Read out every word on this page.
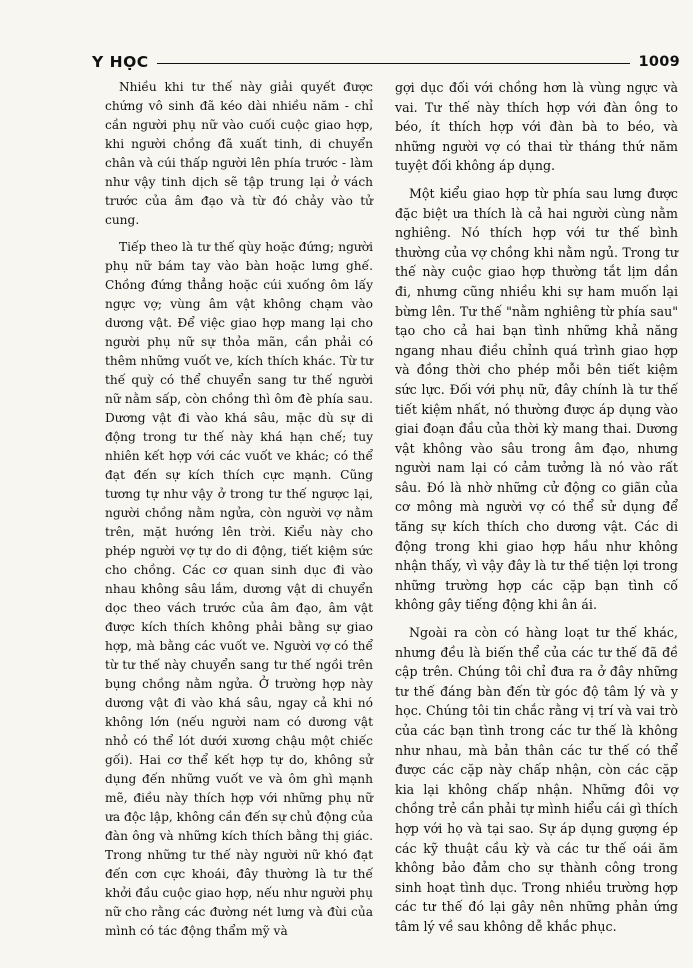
Y HỌC	1009

Nhiều khi tư thế này giải quyết được chứng vô sinh đã kéo dài nhiều năm - chỉ cần người phụ nữ vào cuối cuộc giao hợp, khi người chồng đã xuất tinh, di chuyển chân và cúi thấp người lên phía trước - làm như vậy tinh dịch sẽ tập trung lại ở vách trước của âm đạo và từ đó chảy vào tử cung.

Tiếp theo là tư thế qùy hoặc đứng; người phụ nữ bám tay vào bàn hoặc lưng ghế. Chồng đứng thẳng hoặc cúi xuống ôm lấy ngực vợ; vùng âm vật không chạm vào dương vật. Để việc giao hợp mang lại cho người phụ nữ sự thỏa mãn, cần phải có thêm những vuốt ve, kích thích khác. Từ tư thế quỳ có thể chuyển sang tư thế người nữ nằm sấp, còn chồng thì ôm đè phía sau. Dương vật đi vào khá sâu, mặc dù sự di động trong tư thế này khá hạn chế; tuy nhiên kết hợp với các vuốt ve khác; có thể đạt đến sự kích thích cực mạnh. Cũng tương tự như vậy ở trong tư thế ngược lại, người chồng nằm ngửa, còn người vợ nằm trên, mặt hướng lên trời. Kiểu này cho phép người vợ tự do di động, tiết kiệm sức cho chồng. Các cơ quan sinh dục đi vào nhau không sâu lắm, dương vật di chuyển dọc theo vách trước của âm đạo, âm vật được kích thích không phải bằng sự giao hợp, mà bằng các vuốt ve. Người vợ có thể từ tư thế này chuyển sang tư thế ngồi trên bụng chồng nằm ngửa. Ở trường hợp này dương vật đi vào khá sâu, ngay cả khi nó không lớn (nếu người nam có dương vật nhỏ có thể lót dưới xương chậu một chiếc gối). Hai cơ thể kết hợp tự do, không sử dụng đến những vuốt ve và ôm ghì mạnh mẽ, điều này thích hợp với những phụ nữ ưa độc lập, không cần đến sự chủ động của đàn ông và những kích thích bằng thị giác. Trong những tư thế này người nữ khó đạt đến cơn cực khoái, đây thường là tư thế khởi đầu cuộc giao hợp, nếu như người phụ nữ cho rằng các đường nét lưng và đùi của mình có tác động thẩm mỹ và

gợi dục đối với chồng hơn là vùng ngực và vai. Tư thế này thích hợp với đàn ông to béo, ít thích hợp với đàn bà to béo, và những người vợ có thai từ tháng thứ năm tuyệt đối không áp dụng.

Một kiểu giao hợp từ phía sau lưng được đặc biệt ưa thích là cả hai người cùng nằm nghiêng. Nó thích hợp với tư thế bình thường của vợ chồng khi nằm ngủ. Trong tư thế này cuộc giao hợp thường tắt lịm dần đi, nhưng cũng nhiều khi sự ham muốn lại bừng lên. Tư thế "nằm nghiêng từ phía sau" tạo cho cả hai bạn tình những khả năng ngang nhau điều chỉnh quá trình giao hợp và đồng thời cho phép mỗi bên tiết kiệm sức lực. Đối với phụ nữ, đây chính là tư thế tiết kiệm nhất, nó thường được áp dụng vào giai đoạn đầu của thời kỳ mang thai. Dương vật không vào sâu trong âm đạo, nhưng người nam lại có cảm tưởng là nó vào rất sâu. Đó là nhờ những cử động co giãn của cơ mông mà người vợ có thể sử dụng để tăng sự kích thích cho dương vật. Các di động trong khi giao hợp hầu như không nhận thấy, vì vậy đây là tư thế tiện lợi trong những trường hợp các cặp bạn tình cố không gây tiếng động khi ân ái.

Ngoài ra còn có hàng loạt tư thế khác, nhưng đều là biến thể của các tư thế đã đề cập trên. Chúng tôi chỉ đưa ra ở đây những tư thế đáng bàn đến từ góc độ tâm lý và y học. Chúng tôi tin chắc rằng vị trí và vai trò của các bạn tình trong các tư thế là không như nhau, mà bản thân các tư thế có thể được các cặp này chấp nhận, còn các cặp kia lại không chấp nhận. Những đôi vợ chồng trẻ cần phải tự mình hiểu cái gì thích hợp với họ và tại sao. Sự áp dụng gượng ép các kỹ thuật cầu kỳ và các tư thế oái ăm không bảo đảm cho sự thành công trong sinh hoạt tình dục. Trong nhiều trường hợp các tư thế đó lại gây nên những phản ứng tâm lý về sau không dễ khắc phục.
